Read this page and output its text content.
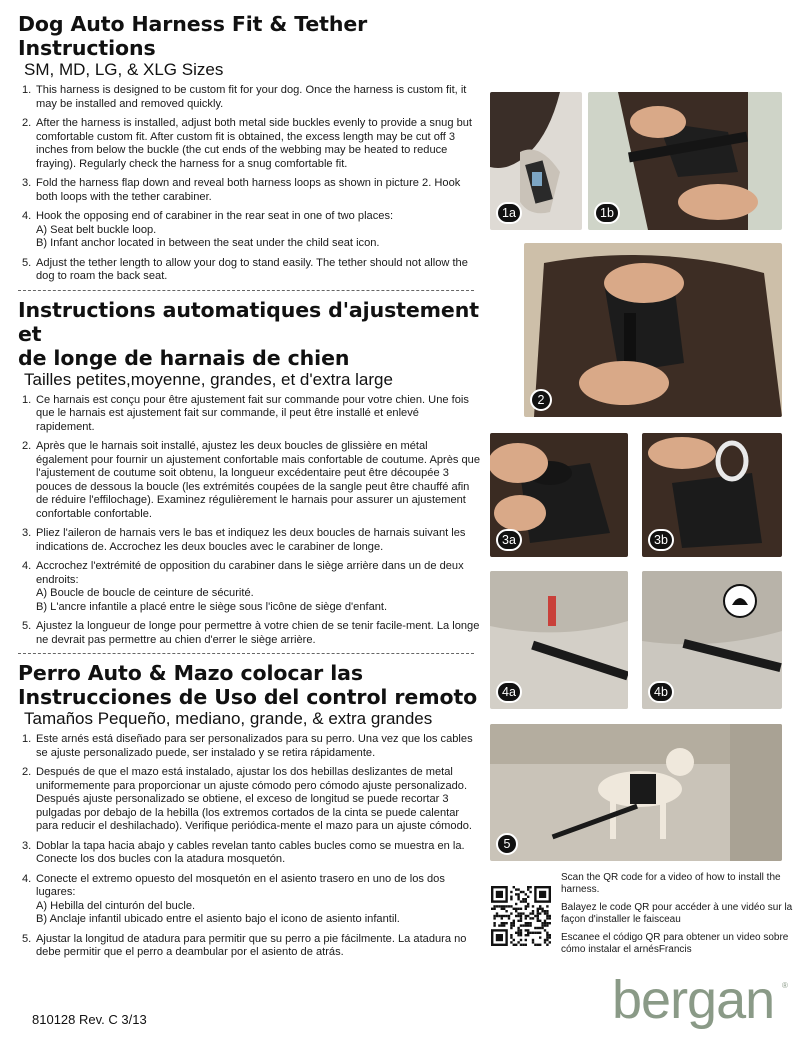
Dog Auto Harness Fit & Tether Instructions
SM, MD, LG, & XLG Sizes
1. This harness is designed to be custom fit for your dog. Once the harness is custom fit, it may be installed and removed quickly.
2. After the harness is installed, adjust both metal side buckles evenly to provide a snug but comfortable custom fit. After custom fit is obtained, the excess length may be cut off 3 inches from below the buckle (the cut ends of the webbing may be heated to reduce fraying). Regularly check the harness for a snug comfortable fit.
3. Fold the harness flap down and reveal both harness loops as shown in picture 2. Hook both loops with the tether carabiner.
4. Hook the opposing end of carabiner in the rear seat in one of two places:
A) Seat belt buckle loop.
B) Infant anchor located in between the seat under the child seat icon.
5. Adjust the tether length to allow your dog to stand easily. The tether should not allow the dog to roam the back seat.
Instructions automatiques d'ajustement et
de longe de harnais de chien
Tailles petites,moyenne, grandes, et d'extra large
1. Ce harnais est conçu pour être ajustement fait sur commande pour votre chien. Une fois que le harnais est ajustement fait sur commande, il peut être installé et enlevé rapidement.
2. Après que le harnais soit installé, ajustez les deux boucles de glissière en métal également pour fournir un ajustement confortable mais confortable de coutume. Après que l'ajustement de coutume soit obtenu, la longueur excédentaire peut être découpée 3 pouces de dessous la boucle (les extrémités coupées de la sangle peut être chauffé afin de réduire l'effilochage). Examinez régulièrement le harnais pour assurer un ajustement confortable confortable.
3. Pliez l'aileron de harnais vers le bas et indiquez les deux boucles de harnais suivant les indications de. Accrochez les deux boucles avec le carabiner de longe.
4. Accrochez l'extrémité de opposition du carabiner dans le siège arrière dans un de deux endroits:
A) Boucle de boucle de ceinture de sécurité.
B) L'ancre infantile a placé entre le siège sous l'icône de siège d'enfant.
5. Ajustez la longueur de longe pour permettre à votre chien de se tenir facile-ment. La longe ne devrait pas permettre au chien d'errer le siège arrière.
Perro Auto & Mazo colocar las
Instrucciones de Uso del control remoto
Tamaños Pequeño, mediano, grande, & extra grandes
1. Este arnés está diseñado para ser personalizados para su perro. Una vez que los cables se ajuste personalizado puede, ser instalado y se retira rápidamente.
2. Después de que el mazo está instalado, ajustar los dos hebillas deslizantes de metal uniformemente para proporcionar un ajuste cómodo pero cómodo ajuste personalizado. Después ajuste personalizado se obtiene, el exceso de longitud se puede recortar 3 pulgadas por debajo de la hebilla (los extremos cortados de la cinta se puede calentar para reducir el deshilachado). Verifique periódica-mente el mazo para un ajuste cómodo.
3. Doblar la tapa hacia abajo y cables revelan tanto cables bucles como se muestra en la. Conecte los dos bucles con la atadura mosquetón.
4. Conecte el extremo opuesto del mosquetón en el asiento trasero en uno de los dos lugares:
A) Hebilla del cinturón del bucle.
B) Anclaje infantil ubicado entre el asiento bajo el icono de asiento infantil.
5. Ajustar la longitud de atadura para permitir que su perro a pie fácilmente. La atadura no debe permitir que el perro a deambular por el asiento de atrás.
1a	1b
2
3a	3b
4a	4b
5

Scan the QR code for a video of how to install the harness.

Balayez le code QR pour accéder à une vidéo sur la façon d'installer le faisceau

Escanee el código QR para obtener un video sobre cómo instalar el arnésFrancis

bergan ®
810128 Rev. C 3/13
